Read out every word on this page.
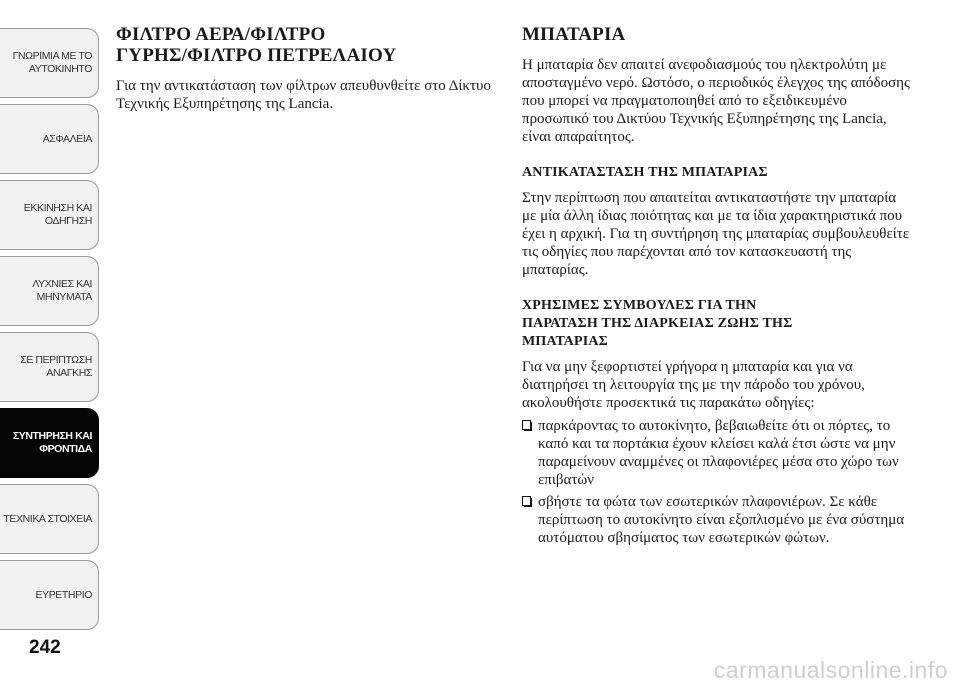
ΓΝΩΡΙΜΙΑ ΜΕ ΤΟ
ΑΥΤΟΚΙΝΗΤΟ
ΑΣΦΑΛΕΙΑ
ΕΚΚΙΝΗΣΗ ΚΑΙ
ΟΔΗΓΗΣΗ
ΛΥΧΝΙΕΣ ΚΑΙ
ΜΗΝΥΜΑΤΑ
ΣΕ ΠΕΡΙΠΤΩΣΗ
ΑΝΑΓΚΗΣ
ΣΥΝΤΗΡΗΣΗ ΚΑΙ
ΦΡΟΝΤΙΔΑ
ΤΕΧΝΙΚΑ ΣΤΟΙΧΕΙΑ
ΕΥΡΕΤΗΡΙΟ
242
ΦΙΛΤΡΟ ΑΕΡΑ/ΦΙΛΤΡΟ
ΓΥΡΗΣ/ΦΙΛΤΡΟ ΠΕΤΡΕΛΑΙΟΥ

Για την αντικατάσταση των φίλτρων απευθυνθείτε στο Δίκτυο Τεχνικής Εξυπηρέτησης της Lancia.

ΜΠΑΤΑΡΙΑ

Η μπαταρία δεν απαιτεί ανεφοδιασμούς του ηλεκτρολύτη με αποσταγμένο νερό. Ωστόσο, ο περιοδικός έλεγχος της απόδοσης που μπορεί να πραγματοποιηθεί από το εξειδικευμένο προσωπικό του Δικτύου Τεχνικής Εξυπηρέτησης της Lancia, είναι απαραίτητος.

ΑΝΤΙΚΑΤΑΣΤΑΣΗ ΤΗΣ ΜΠΑΤΑΡΙΑΣ

Στην περίπτωση που απαιτείται αντικαταστήστε την μπαταρία με μία άλλη ίδιας ποιότητας και με τα ίδια χαρακτηριστικά που έχει η αρχική. Για τη συντήρηση της μπαταρίας συμβουλευθείτε τις οδηγίες που παρέχονται από τον κατασκευαστή της μπαταρίας.

ΧΡΗΣΙΜΕΣ ΣΥΜΒΟΥΛΕΣ ΓΙΑ ΤΗΝ
ΠΑΡΑΤΑΣΗ ΤΗΣ ΔΙΑΡΚΕΙΑΣ ΖΩΗΣ ΤΗΣ
ΜΠΑΤΑΡΙΑΣ

Για να μην ξεφορτιστεί γρήγορα η μπαταρία και για να διατηρήσει τη λειτουργία της με την πάροδο του χρόνου, ακολουθήστε προσεκτικά τις παρακάτω οδηγίες:

παρκάροντας το αυτοκίνητο, βεβαιωθείτε ότι οι πόρτες, το καπό και τα πορτάκια έχουν κλείσει καλά έτσι ώστε να μην παραμείνουν αναμμένες οι πλαφονιέρες μέσα στο χώρο των επιβατών
σβήστε τα φώτα των εσωτερικών πλαφονιέρων. Σε κάθε περίπτωση το αυτοκίνητο είναι εξοπλισμένο με ένα σύστημα αυτόματου σβησίματος των εσωτερικών φώτων.
carmanualsonline.info
